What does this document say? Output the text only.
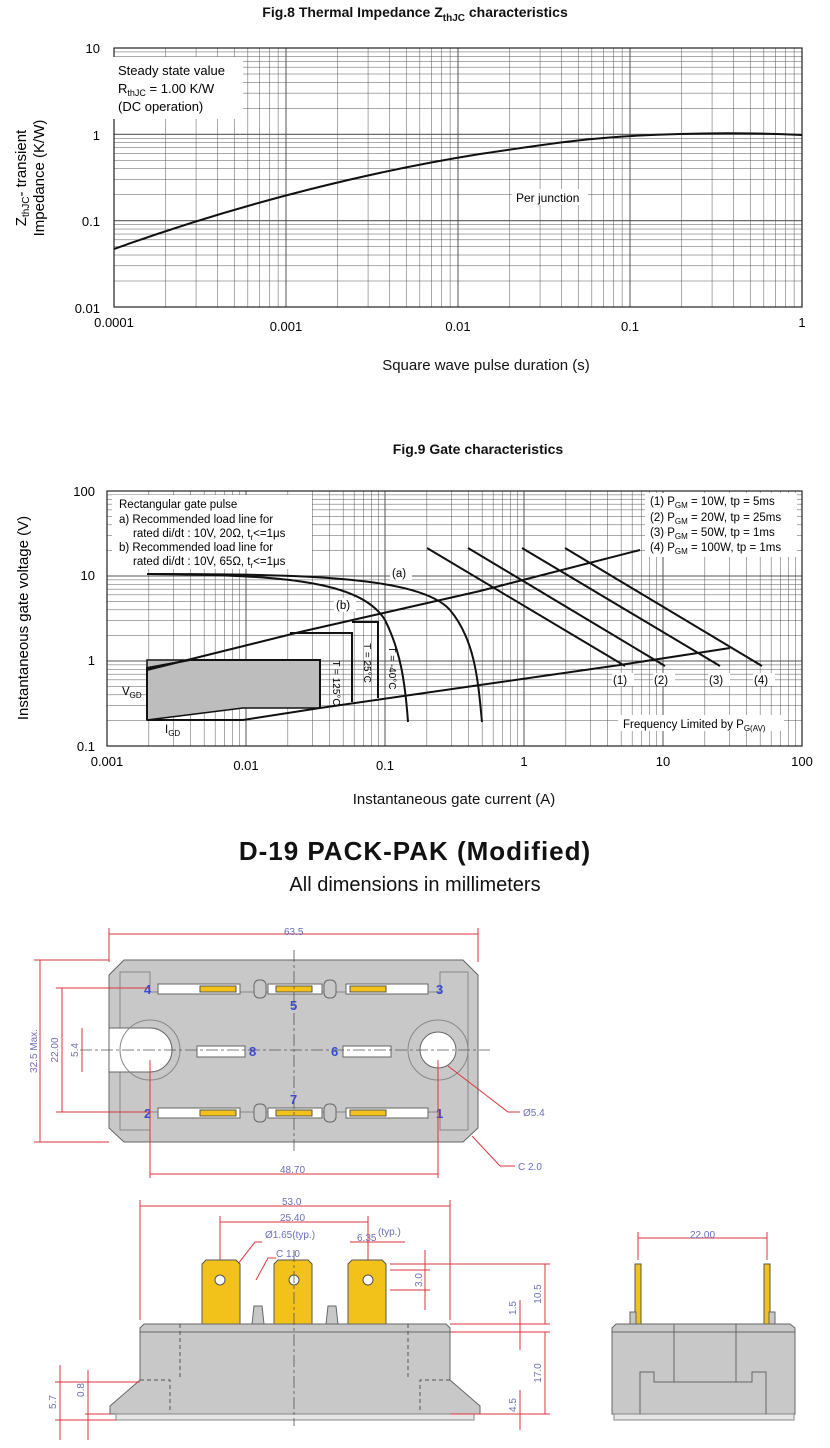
Fig.8 Thermal Impedance $Z_{thJC}$ characteristics
Steady state value
$R_{thJC} = 1.00$ K/W
(DC operation)
Per junction
10
1
0.1
0.01
0.0001	0.001	0.01	0.1	1
$Z_{thJC}-$ transient Impedance (K/W)
Square wave pulse duration (s)
Fig.9 Gate characteristics
Rectangular gate pulse
a) Recommended load line for
rated di/dt : 10V, 20Ω, $t_r<=1\mu s$
b) Recommended load line for
rated di/dt : 10V, 65Ω, $t_r<=1\mu s$
(1) $P_{GM} = 10W$, tp = 5ms
(2) $P_{GM} = 20W$, tp = 25ms
(3) $P_{GM} = 50W$, tp = 1ms
(4) $P_{GM} = 100W$, tp = 1ms
(a)
(b)
T = 125°C T = 25°C T = -40°C
$V_{GD}$
$I_{GD}$
(1) (2)	(3)	(4)
Frequency Limited by $P_{G(AV)}$
100
10
1
0.1
0.001	0.01	0.1	1	10	100
Instantaneous gate voltage (V)
Instantaneous gate current (A)
D-19 PACK-PAK (Modified)
All dimensions in millimeters
63.5
3
4
5
6
7
8
1
2
32.5 Max. 22.00 5.4
48.70
Ø5.4
C 2.0
53.0
25.40
6.35
(typ.)
Ø1.65(typ.)
C 1.0
3.0
1.5
10.5
17.0
4.5
5.7
0.8
22.00
